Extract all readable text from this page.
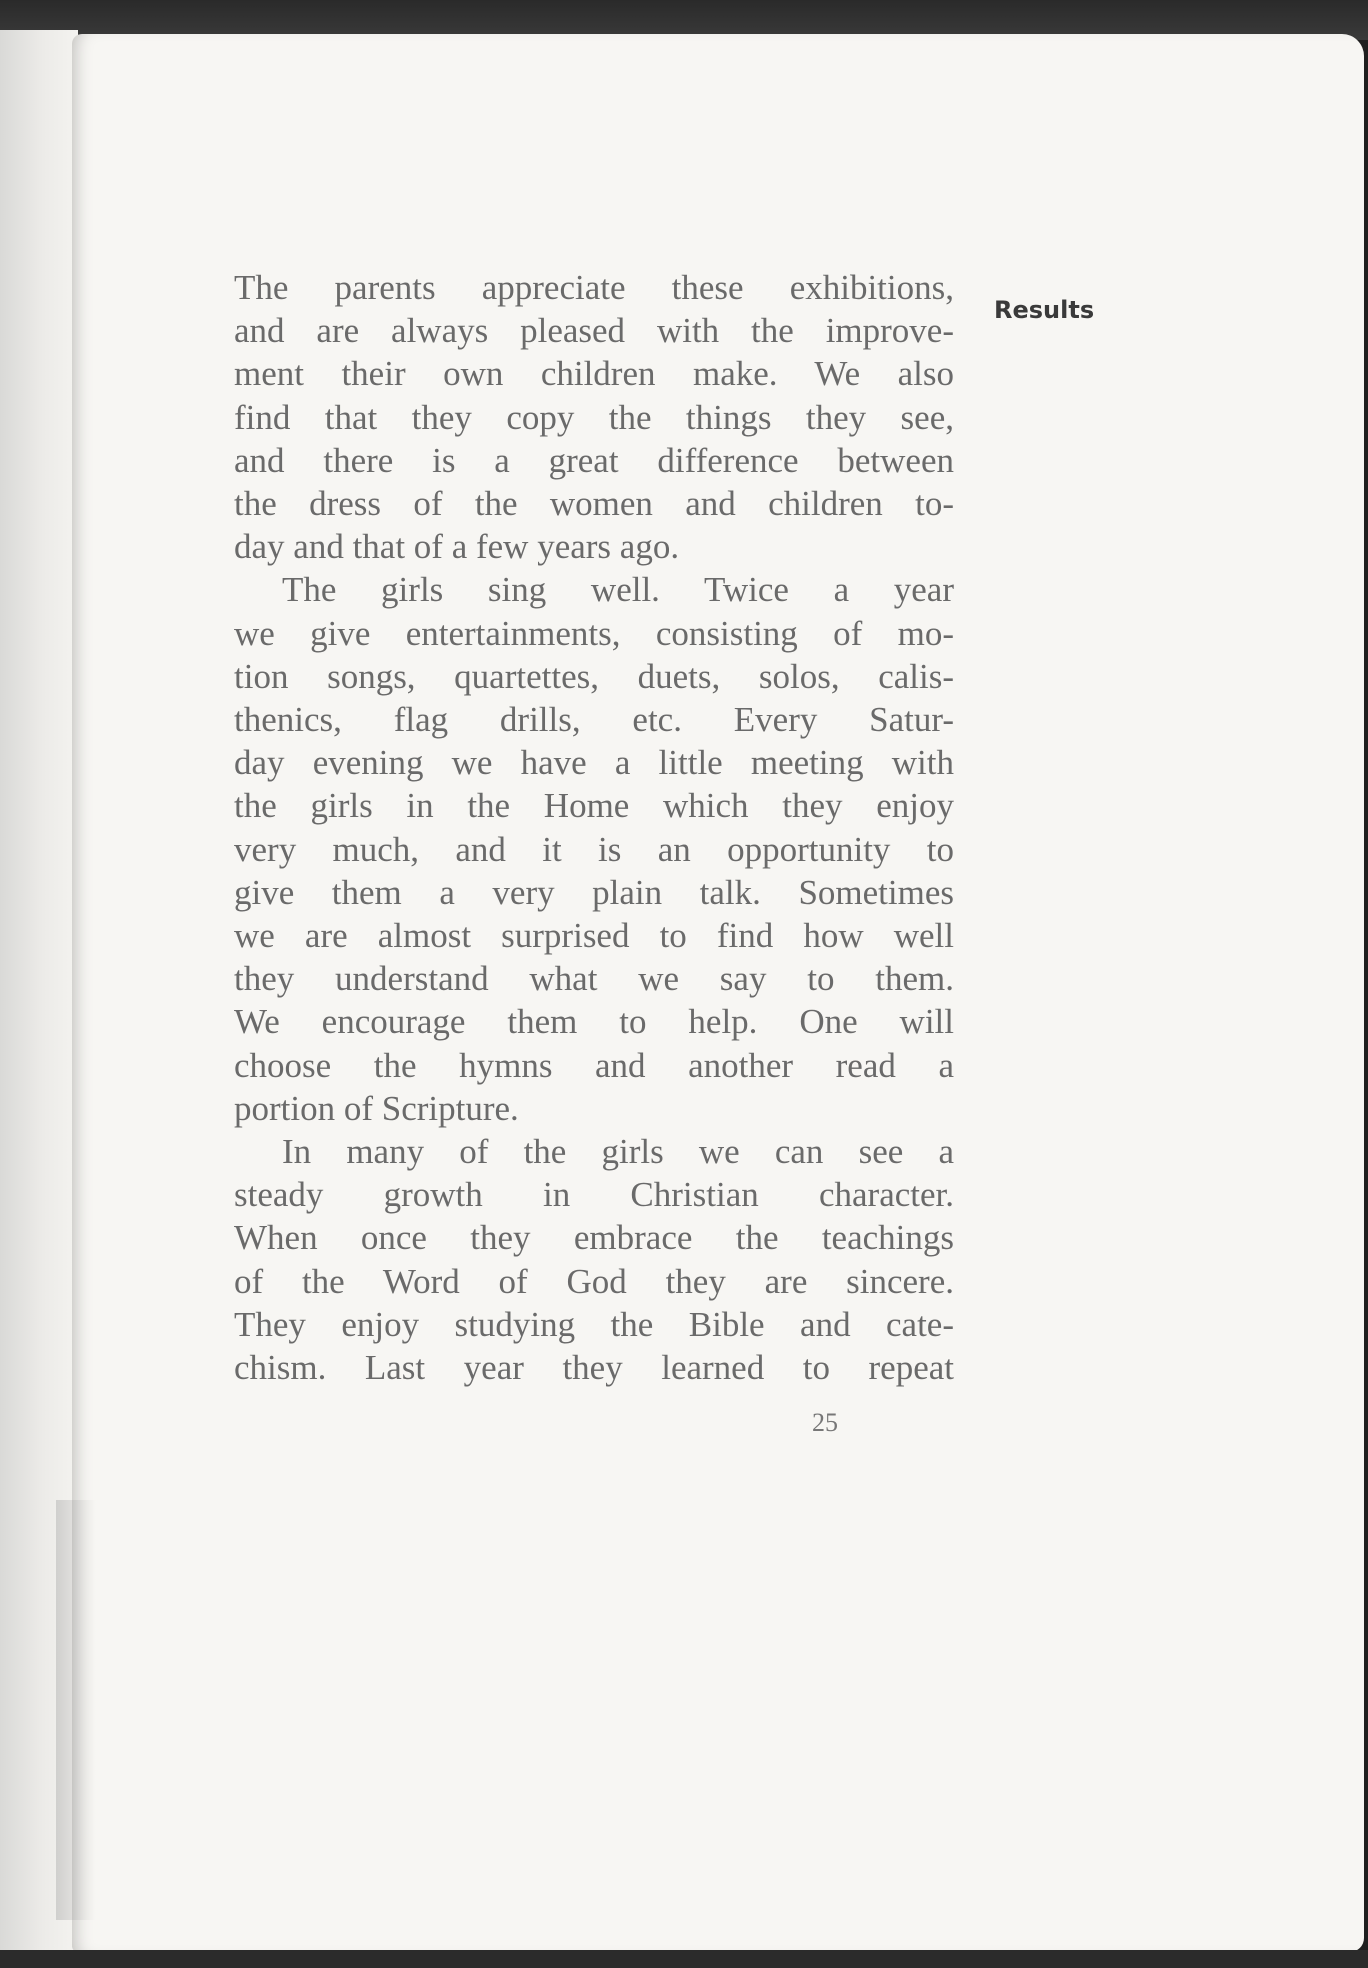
Results

The parents appreciate these exhibitions,
and are always pleased with the improve-
ment their own children make. We also
find that they copy the things they see,
and there is a great difference between
the dress of the women and children to-
day and that of a few years ago.
The girls sing well. Twice a year
we give entertainments, consisting of mo-
tion songs, quartettes, duets, solos, calis-
thenics, flag drills, etc. Every Satur-
day evening we have a little meeting with
the girls in the Home which they enjoy
very much, and it is an opportunity to
give them a very plain talk. Sometimes
we are almost surprised to find how well
they understand what we say to them.
We encourage them to help. One will
choose the hymns and another read a
portion of Scripture.
In many of the girls we can see a
steady growth in Christian character.
When once they embrace the teachings
of the Word of God they are sincere.
They enjoy studying the Bible and cate-
chism. Last year they learned to repeat

25
